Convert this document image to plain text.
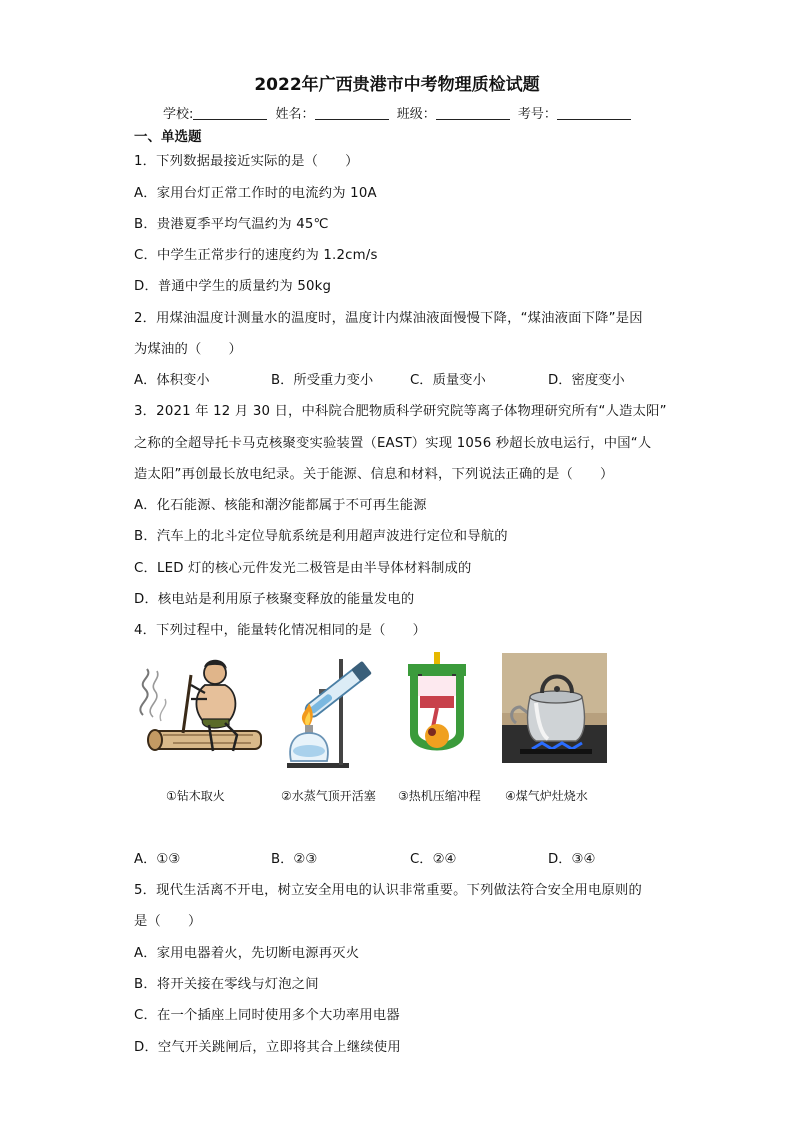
2022年广西贵港市中考物理质检试题
学校:	姓名：	班级：	考号：
一、单选题
1．下列数据最接近实际的是（　　）
A．家用台灯正常工作时的电流约为 10A
B．贵港夏季平均气温约为 45℃
C．中学生正常步行的速度约为 1.2cm/s
D．普通中学生的质量约为 50kg
2．用煤油温度计测量水的温度时，温度计内煤油液面慢慢下降，“煤油液面下降”是因
为煤油的（　　）
A．体积变小	B．所受重力变小	C．质量变小	D．密度变小
3．2021 年 12 月 30 日，中科院合肥物质科学研究院等离子体物理研究所有“人造太阳”
之称的全超导托卡马克核聚变实验装置（EAST）实现 1056 秒超长放电运行，中国“人
造太阳”再创最长放电纪录。关于能源、信息和材料，下列说法正确的是（　　）
A．化石能源、核能和潮汐能都属于不可再生能源
B．汽车上的北斗定位导航系统是利用超声波进行定位和导航的
C．LED 灯的核心元件发光二极管是由半导体材料制成的
D．核电站是利用原子核聚变释放的能量发电的
4．下列过程中，能量转化情况相同的是（　　）
①钻木取火	②水蒸气顶开活塞 ③热机压缩冲程 ④煤气炉灶烧水
A．①③	B．②③	C．②④	D．③④
5．现代生活离不开电，树立安全用电的认识非常重要。下列做法符合安全用电原则的
是（　　）
A．家用电器着火，先切断电源再灭火
B．将开关接在零线与灯泡之间
C．在一个插座上同时使用多个大功率用电器
D．空气开关跳闸后，立即将其合上继续使用
